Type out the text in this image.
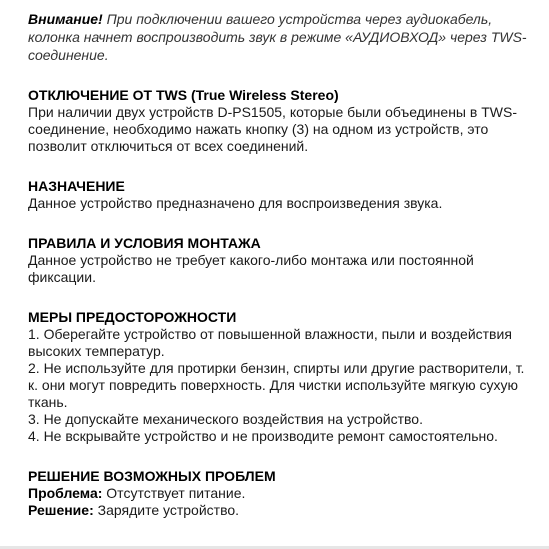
Внимание! При подключении вашего устройства через аудиокабель, колонка начнет воспроизводить звук в режиме «АУДИОВХОД» через TWS-соединение.

ОТКЛЮЧЕНИЕ ОТ TWS (True Wireless Stereo)

При наличии двух устройств D-PS1505, которые были объединены в TWS-соединение, необходимо нажать кнопку (3) на одном из устройств, это позволит отключиться от всех соединений.

НАЗНАЧЕНИЕ

Данное устройство предназначено для воспроизведения звука.

ПРАВИЛА И УСЛОВИЯ МОНТАЖА

Данное устройство не требует какого-либо монтажа или постоянной фиксации.

МЕРЫ ПРЕДОСТОРОЖНОСТИ

1. Оберегайте устройство от повышенной влажности, пыли и воздействия высоких температур.

2. Не используйте для протирки бензин, спирты или другие растворители, т. к. они могут повредить поверхность. Для чистки используйте мягкую сухую ткань.

3. Не допускайте механического воздействия на устройство.

4. Не вскрывайте устройство и не производите ремонт самостоятельно.

РЕШЕНИЕ ВОЗМОЖНЫХ ПРОБЛЕМ

Проблема: Отсутствует питание.

Решение: Зарядите устройство.
